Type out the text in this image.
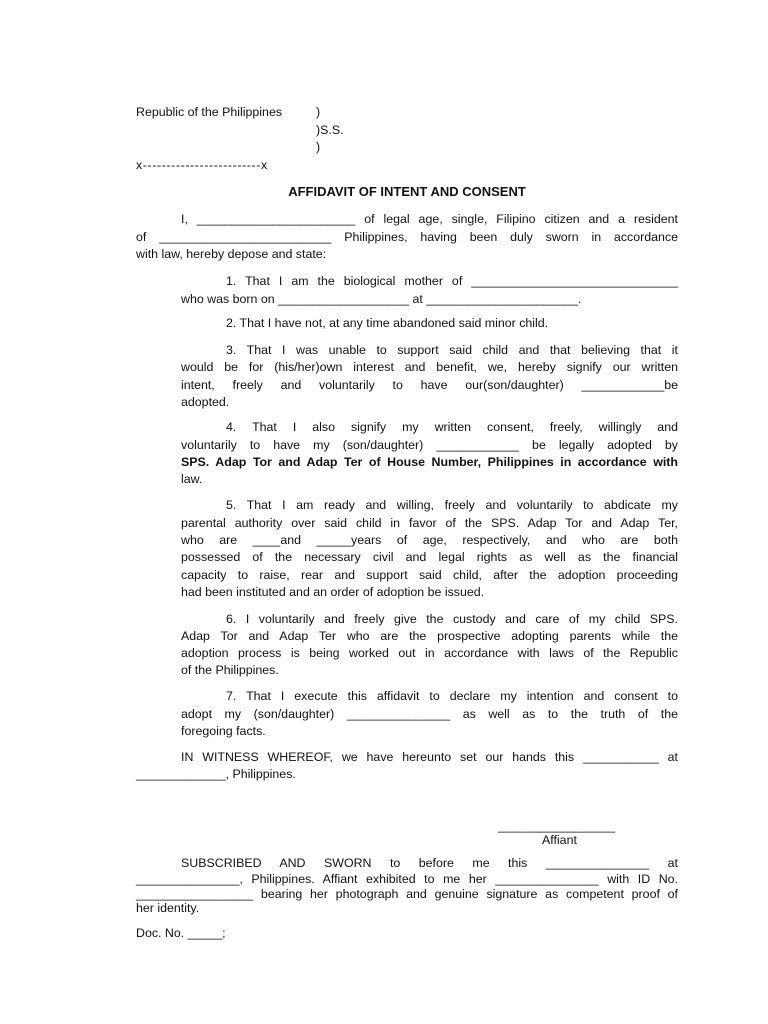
Republic of the Philippines	)
)S.S.
)
x-------------------------x
AFFIDAVIT OF INTENT AND CONSENT
I, _______________________ of legal age, single, Filipino citizen and a resident
of _________________________ Philippines, having been duly sworn in accordance
with law, hereby depose and state:
1. That I am the biological mother of ______________________________
who was born on ___________________ at ______________________.
2. That I have not, at any time abandoned said minor child.
3. That I was unable to support said child and that believing that it
would be for (his/her)own interest and benefit, we, hereby signify our written
intent, freely and voluntarily to have our(son/daughter) ____________be
adopted.
4. That I also signify my written consent, freely, willingly and
voluntarily to have my (son/daughter) ____________ be legally adopted by
SPS. Adap Tor and Adap Ter of House Number, Philippines in accordance with
law.
5. That I am ready and willing, freely and voluntarily to abdicate my
parental authority over said child in favor of the SPS. Adap Tor and Adap Ter,
who are ____and _____years of age, respectively, and who are both
possessed of the necessary civil and legal rights as well as the financial
capacity to raise, rear and support said child, after the adoption proceeding
had been instituted and an order of adoption be issued.
6. I voluntarily and freely give the custody and care of my child SPS.
Adap Tor and Adap Ter who are the prospective adopting parents while the
adoption process is being worked out in accordance with laws of the Republic
of the Philippines.
7. That I execute this affidavit to declare my intention and consent to
adopt my (son/daughter) _______________ as well as to the truth of the
foregoing facts.
IN WITNESS WHEREOF, we have hereunto set our hands this ___________ at
_____________, Philippines.
_________________
Affiant
SUBSCRIBED AND SWORN to before me this _______________ at
_______________, Philippines. Affiant exhibited to me her _______________ with ID No.
_________________ bearing her photograph and genuine signature as competent proof of
her identity.
Doc. No. _____;
